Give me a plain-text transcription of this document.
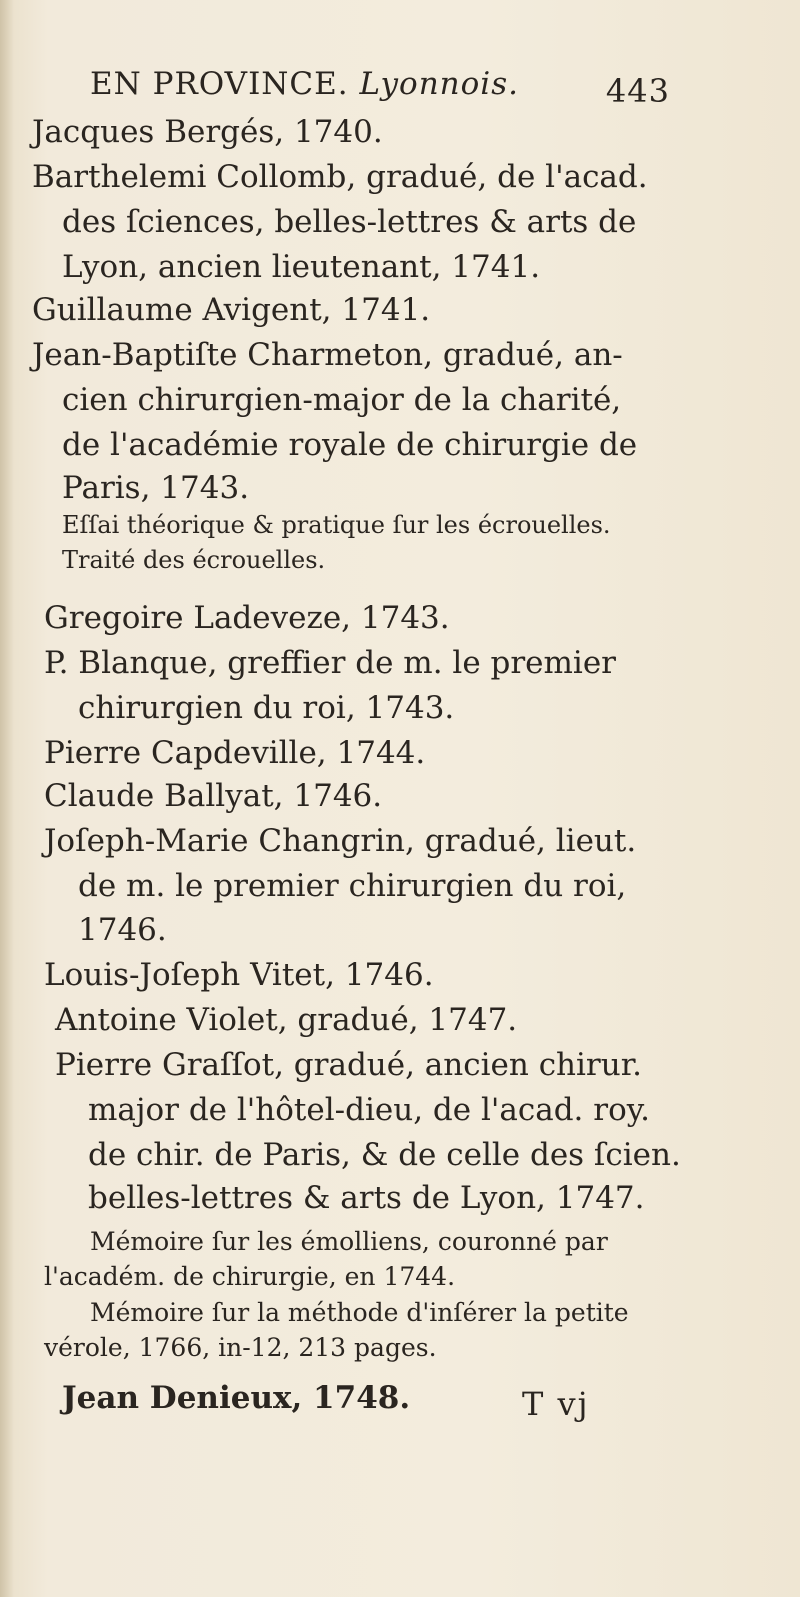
EN PROVINCE. Lyonnois.	443
Jacques Bergés, 1740.
Barthelemi Collomb, gradué, de l'acad.
des ſciences, belles-lettres & arts de
Lyon, ancien lieutenant, 1741.
Guillaume Avigent, 1741.
Jean-Baptiſte Charmeton, gradué, an-
cien chirurgien-major de la charité,
de l'académie royale de chirurgie de
Paris, 1743.
Eſſai théorique & pratique ſur les écrouelles.
Traité des écrouelles.
Gregoire Ladeveze, 1743.
P. Blanque, greffier de m. le premier
chirurgien du roi, 1743.
Pierre Capdeville, 1744.
Claude Ballyat, 1746.
Joſeph-Marie Changrin, gradué, lieut.
de m. le premier chirurgien du roi,
1746.
Louis-Joſeph Vitet, 1746.
Antoine Violet, gradué, 1747.
Pierre Graſſot, gradué, ancien chirur.
major de l'hôtel-dieu, de l'acad. roy.
de chir. de Paris, & de celle des ſcien.
belles-lettres & arts de Lyon, 1747.
Mémoire ſur les émolliens, couronné par
l'académ. de chirurgie, en 1744.
Mémoire ſur la méthode d'inſérer la petite
vérole, 1766, in-12, 213 pages.
Jean Denieux, 1748.	T vj
